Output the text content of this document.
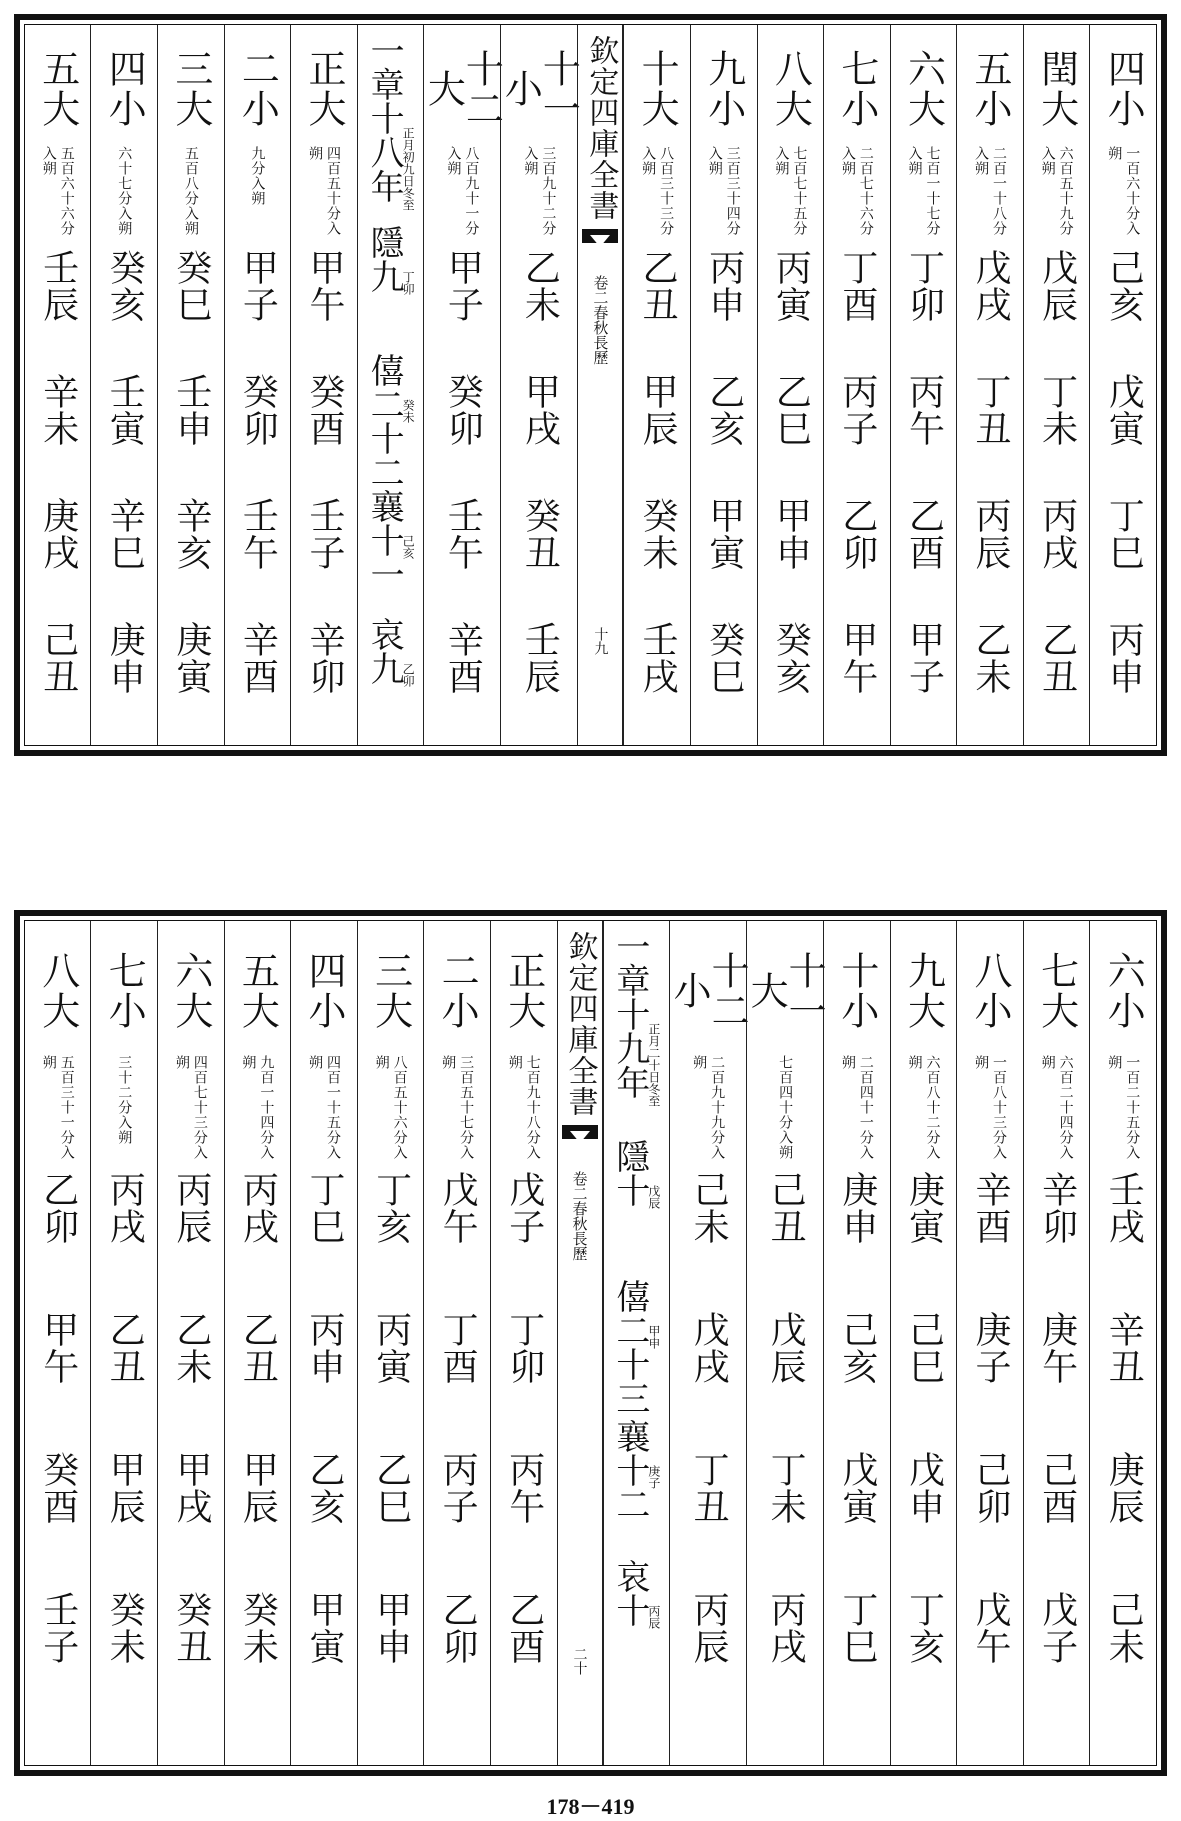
四小
一百六十分入朔
己亥
戊寅
丁巳
丙申
閏大
六百五十九分入朔
戊辰
丁未
丙戌
乙丑
五小
二百一十八分入朔
戊戌
丁丑
丙辰
乙未
六大
七百一十七分入朔
丁卯
丙午
乙酉
甲子
七小
二百七十六分入朔
丁酉
丙子
乙卯
甲午
八大
七百七十五分入朔
丙寅
乙巳
甲申
癸亥
九小
三百三十四分入朔
丙申
乙亥
甲寅
癸巳
十大
八百三十三分入朔
乙丑
甲辰
癸未
壬戌
欽定四庫全書
春秋長歷
卷二
十九
十一小
三百九十二分入朔
乙未
甲戌
癸丑
壬辰
十二大
八百九十一分入朔
甲子
癸卯
壬午
辛酉
一章十八年
正月初九日冬至
隱九
丁卯
僖二十二
癸未
襄十一
己亥
哀九
乙卯
正大
四百五十分入朔
甲午
癸酉
壬子
辛卯
二小
九分入朔
甲子
癸卯
壬午
辛酉
三大
五百八分入朔
癸巳
壬申
辛亥
庚寅
四小
六十七分入朔
癸亥
壬寅
辛巳
庚申
五大
五百六十六分入朔
壬辰
辛未
庚戌
己丑
六小
一百二十五分入朔
壬戌
辛丑
庚辰
己未
七大
六百二十四分入朔
辛卯
庚午
己酉
戊子
八小
一百八十三分入朔
辛酉
庚子
己卯
戊午
九大
六百八十二分入朔
庚寅
己巳
戊申
丁亥
十小
二百四十一分入朔
庚申
己亥
戊寅
丁巳
十一大
七百四十分入朔
己丑
戊辰
丁未
丙戌
十二小
二百九十九分入朔
己未
戊戌
丁丑
丙辰
一章十九年
正月二十日冬至
隱十
戊辰
僖二十三
甲申
襄十二
庚子
哀十
丙辰
欽定四庫全書
春秋長歷
卷二
二十
正大
七百九十八分入朔
戊子
丁卯
丙午
乙酉
二小
三百五十七分入朔
戊午
丁酉
丙子
乙卯
三大
八百五十六分入朔
丁亥
丙寅
乙巳
甲申
四小
四百一十五分入朔
丁巳
丙申
乙亥
甲寅
五大
九百一十四分入朔
丙戌
乙丑
甲辰
癸未
六大
四百七十三分入朔
丙辰
乙未
甲戌
癸丑
七小
三十二分入朔
丙戌
乙丑
甲辰
癸未
八大
五百三十一分入朔
乙卯
甲午
癸酉
壬子
178－419
